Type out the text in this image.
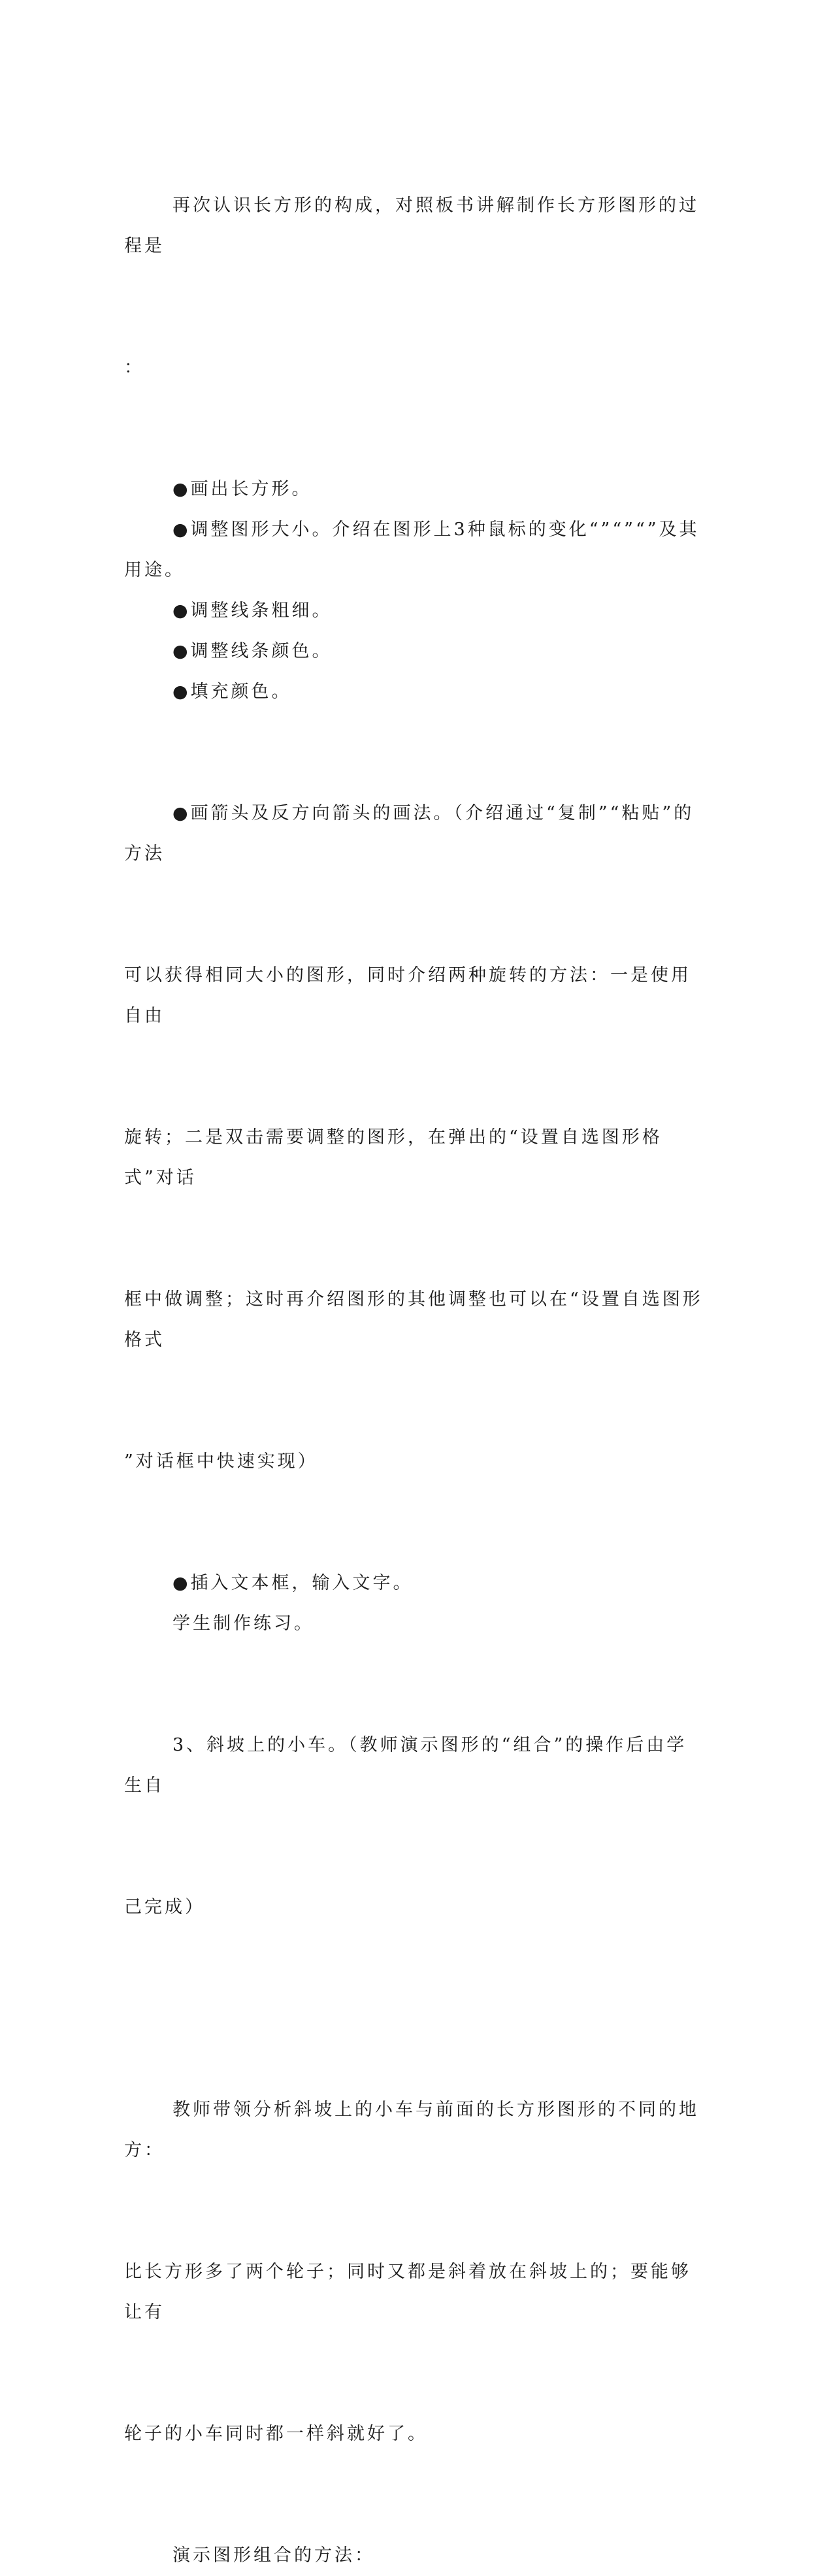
再次认识长方形的构成，对照板书讲解制作长方形图形的过程是

：

●画出长方形。

●调整图形大小。介绍在图形上3种鼠标的变化“”“”“”及其用途。

●调整线条粗细。

●调整线条颜色。

●填充颜色。

●画箭头及反方向箭头的画法。（介绍通过“复制”“粘贴”的方法

可以获得相同大小的图形，同时介绍两种旋转的方法：一是使用自由

旋转；二是双击需要调整的图形，在弹出的“设置自选图形格式”对话

框中做调整；这时再介绍图形的其他调整也可以在“设置自选图形格式

”对话框中快速实现）

●插入文本框，输入文字。

学生制作练习。

3、斜坡上的小车。（教师演示图形的“组合”的操作后由学生自

己完成）

教师带领分析斜坡上的小车与前面的长方形图形的不同的地方：

比长方形多了两个轮子；同时又都是斜着放在斜坡上的；要能够让有

轮子的小车同时都一样斜就好了。

演示图形组合的方法：
